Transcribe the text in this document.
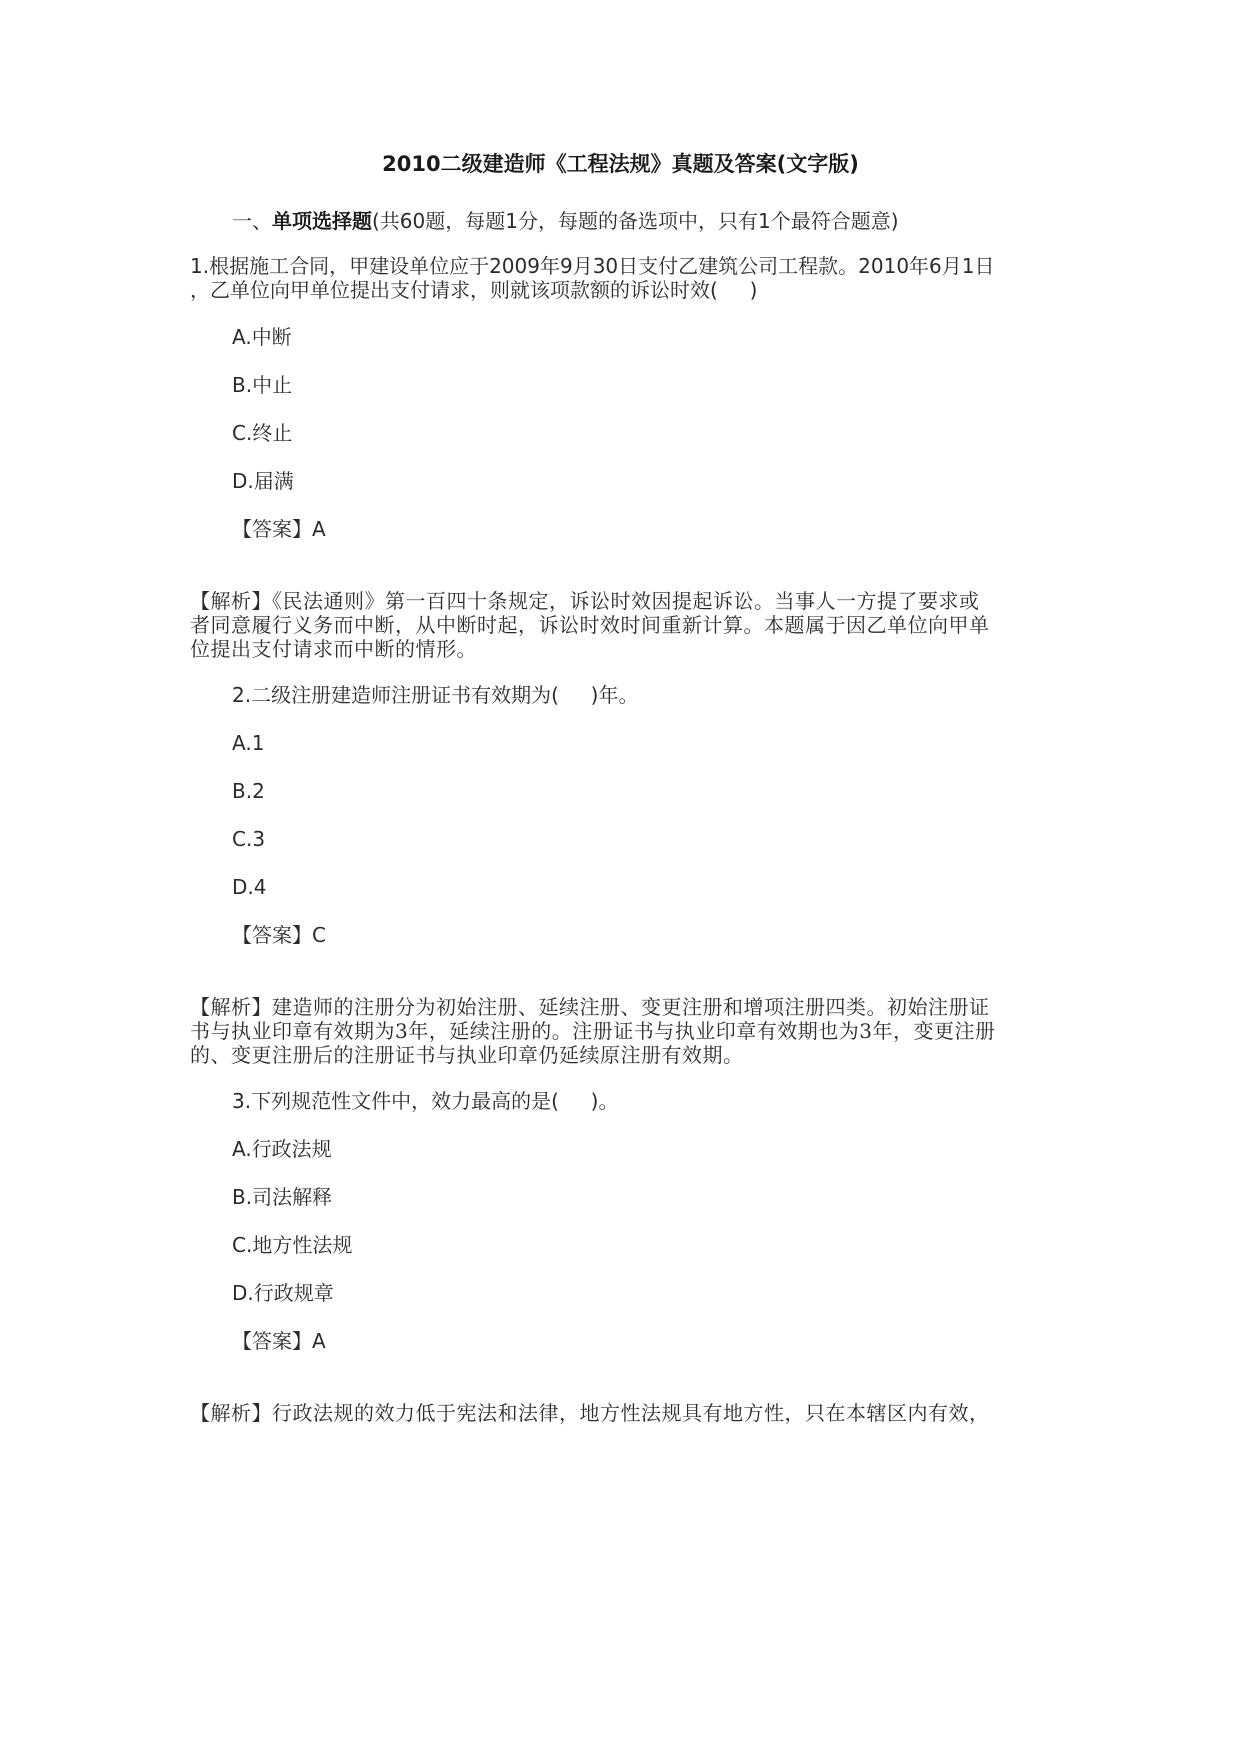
2010二级建造师《工程法规》真题及答案(文字版)
一、单项选择题(共60题，每题1分，每题的备选项中，只有1个最符合题意)
1.根据施工合同，甲建设单位应于2009年9月30日支付乙建筑公司工程款。2010年6月1日
，乙单位向甲单位提出支付请求，则就该项款额的诉讼时效(     )
A.中断
B.中止
C.终止
D.届满
【答案】A
【解析】《民法通则》第一百四十条规定，诉讼时效因提起诉讼。当事人一方提了要求或
者同意履行义务而中断，从中断时起，诉讼时效时间重新计算。本题属于因乙单位向甲单
位提出支付请求而中断的情形。
2.二级注册建造师注册证书有效期为(     )年。
A.1
B.2
C.3
D.4
【答案】C
【解析】建造师的注册分为初始注册、延续注册、变更注册和增项注册四类。初始注册证
书与执业印章有效期为3年，延续注册的。注册证书与执业印章有效期也为3年，变更注册
的、变更注册后的注册证书与执业印章仍延续原注册有效期。
3.下列规范性文件中，效力最高的是(     )。
A.行政法规
B.司法解释
C.地方性法规
D.行政规章
【答案】A
【解析】行政法规的效力低于宪法和法律，地方性法规具有地方性，只在本辖区内有效，
